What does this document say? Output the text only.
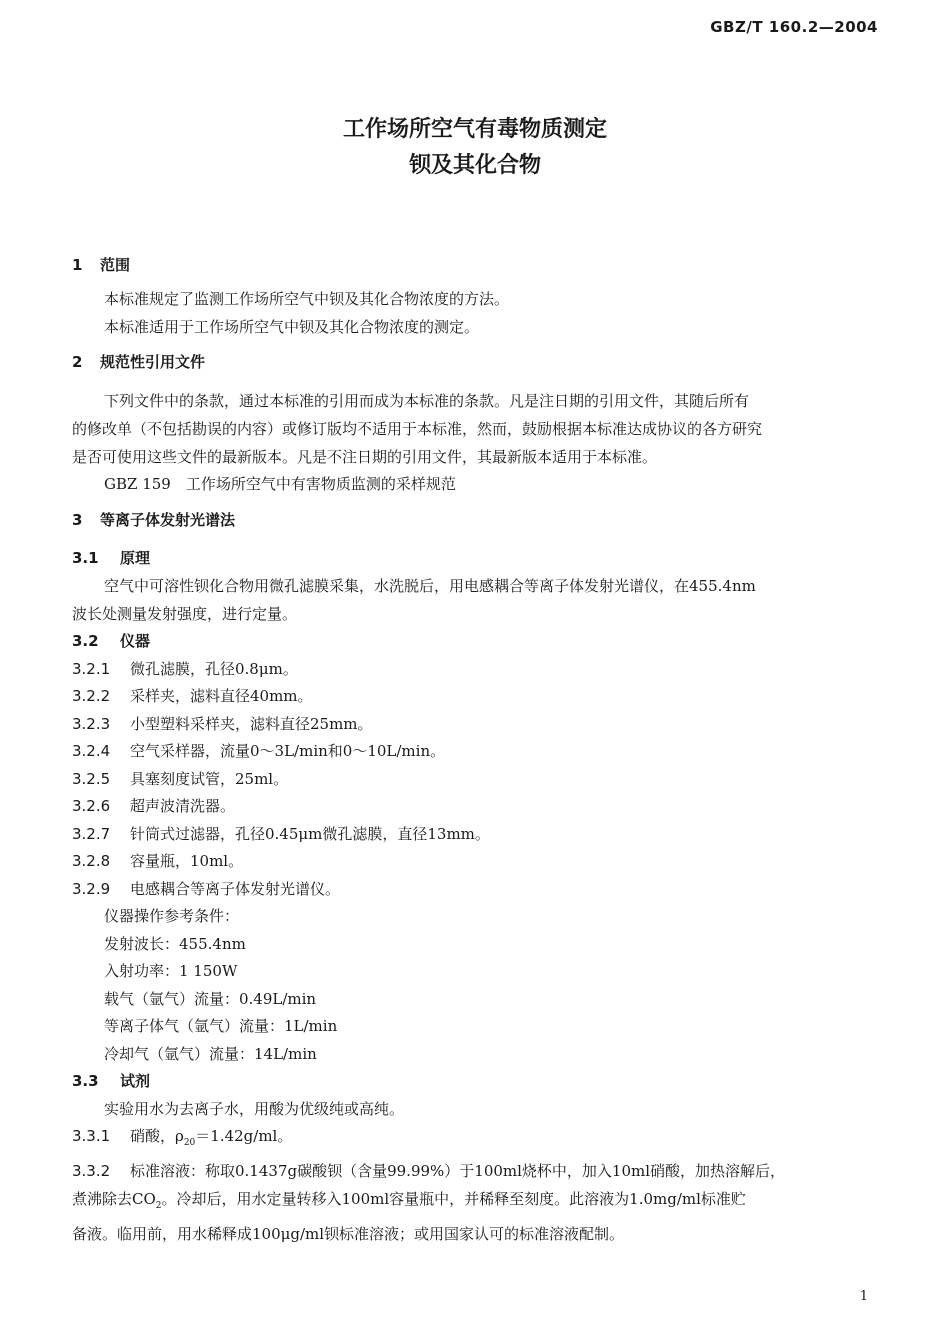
GBZ/T 160.2—2004
工作场所空气有毒物质测定
钡及其化合物

1 范围

本标准规定了监测工作场所空气中钡及其化合物浓度的方法。

本标准适用于工作场所空气中钡及其化合物浓度的测定。

2 规范性引用文件

下列文件中的条款，通过本标准的引用而成为本标准的条款。凡是注日期的引用文件，其随后所有

的修改单（不包括勘误的内容）或修订版均不适用于本标准，然而，鼓励根据本标准达成协议的各方研究

是否可使用这些文件的最新版本。凡是不注日期的引用文件，其最新版本适用于本标准。

GBZ 159　工作场所空气中有害物质监测的采样规范

3 等离子体发射光谱法

3.1 原理

空气中可溶性钡化合物用微孔滤膜采集，水洗脱后，用电感耦合等离子体发射光谱仪，在455.4nm

波长处测量发射强度，进行定量。

3.2 仪器

3.2.1 微孔滤膜，孔径0.8μm。

3.2.2 采样夹，滤料直径40mm。

3.2.3 小型塑料采样夹，滤料直径25mm。

3.2.4 空气采样器，流量0～3L/min和0～10L/min。

3.2.5 具塞刻度试管，25ml。

3.2.6 超声波清洗器。

3.2.7 针筒式过滤器，孔径0.45μm微孔滤膜，直径13mm。

3.2.8 容量瓶，10ml。

3.2.9 电感耦合等离子体发射光谱仪。

仪器操作参考条件：

发射波长：455.4nm

入射功率：1 150W

载气（氩气）流量：0.49L/min

等离子体气（氩气）流量：1L/min

冷却气（氩气）流量：14L/min

3.3 试剂

实验用水为去离子水，用酸为优级纯或高纯。

3.3.1 硝酸，$\rho_{20}=1.42g/ml$。

3.3.2 标准溶液：称取0.1437g碳酸钡（含量99.99%）于100ml烧杯中，加入10ml硝酸，加热溶解后，

煮沸除去$CO_2$。冷却后，用水定量转移入100ml容量瓶中，并稀释至刻度。此溶液为1.0mg/ml标准贮

备液。临用前，用水稀释成100μg/ml钡标准溶液；或用国家认可的标准溶液配制。

1
